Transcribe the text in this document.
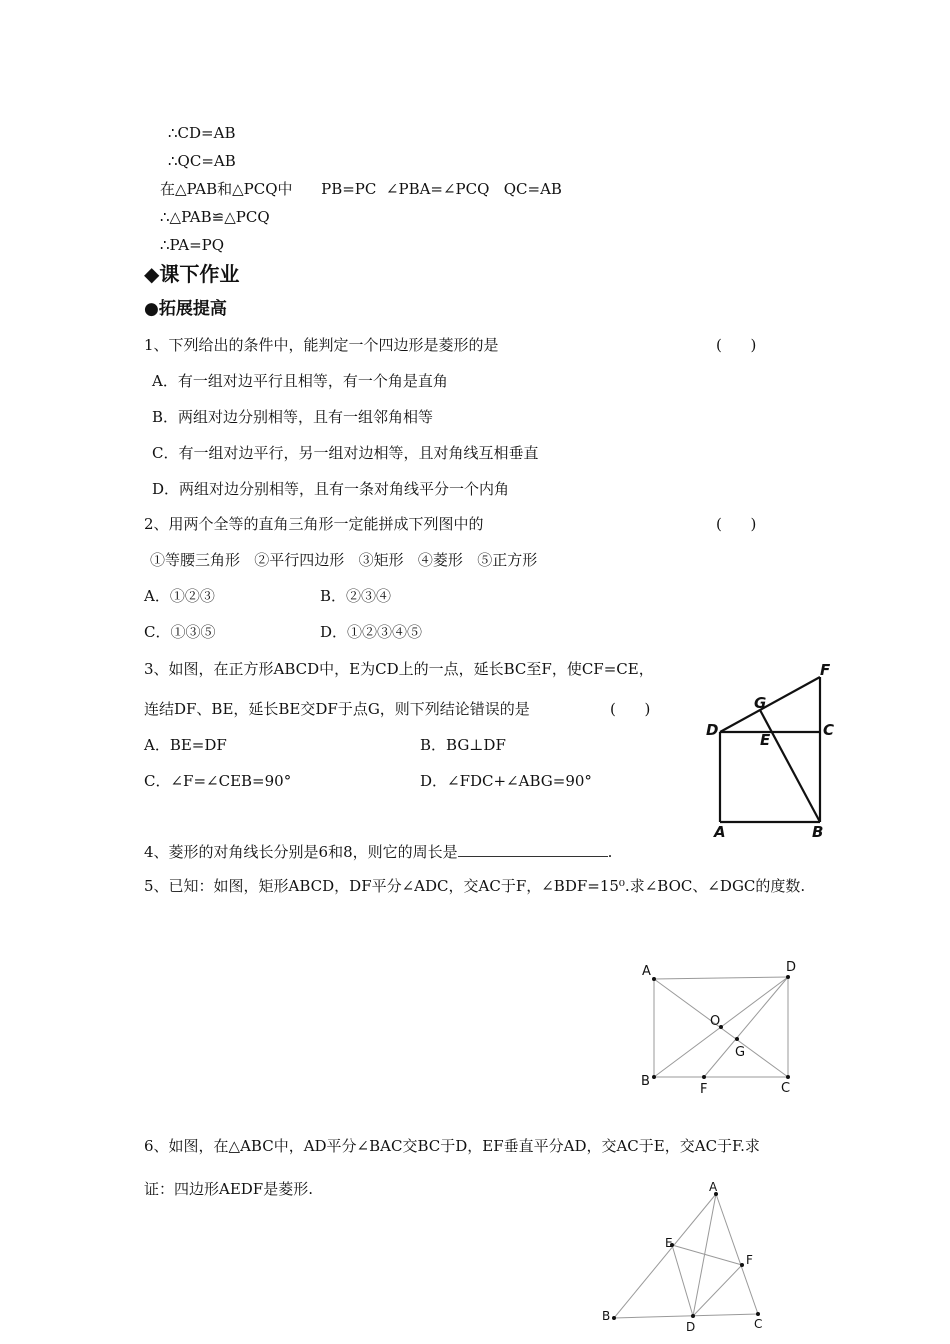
∴CD=AB
∴QC=AB
在△PAB和△PCQ中      PB=PC  ∠PBA=∠PCQ   QC=AB
∴△PAB≌△PCQ
∴PA=PQ
◆课下作业
●拓展提高
1、下列给出的条件中，能判定一个四边形是菱形的是	(      )
A．有一组对边平行且相等，有一个角是直角
B．两组对边分别相等，且有一组邻角相等
C．有一组对边平行，另一组对边相等，且对角线互相垂直
D．两组对边分别相等，且有一条对角线平分一个内角
2、用两个全等的直角三角形一定能拼成下列图中的	(      )
①等腰三角形   ②平行四边形   ③矩形   ④菱形   ⑤正方形
A．①②③	B．②③④
C．①③⑤	D．①②③④⑤
3、如图，在正方形ABCD中，E为CD上的一点，延长BC至F，使CF=CE，
连结DF、BE，延长BE交DF于点G，则下列结论错误的是	(      )
A．BE=DF	B．BG⊥DF
C．∠F=∠CEB=90°	D．∠FDC+∠ABG=90°
F
G
D
E
C
A	B
4、菱形的对角线长分别是6和8，则它的周长是	.
5、已知：如图，矩形ABCD，DF平分∠ADC，交AC于F，∠BDF=15⁰.求∠BOC、∠DGC的度数.
A	D
O
G
B
F	C
6、如图，在△ABC中，AD平分∠BAC交BC于D，EF垂直平分AD，交AC于E，交AC于F.求
证：四边形AEDF是菱形.	A
E
F
B
D	C
